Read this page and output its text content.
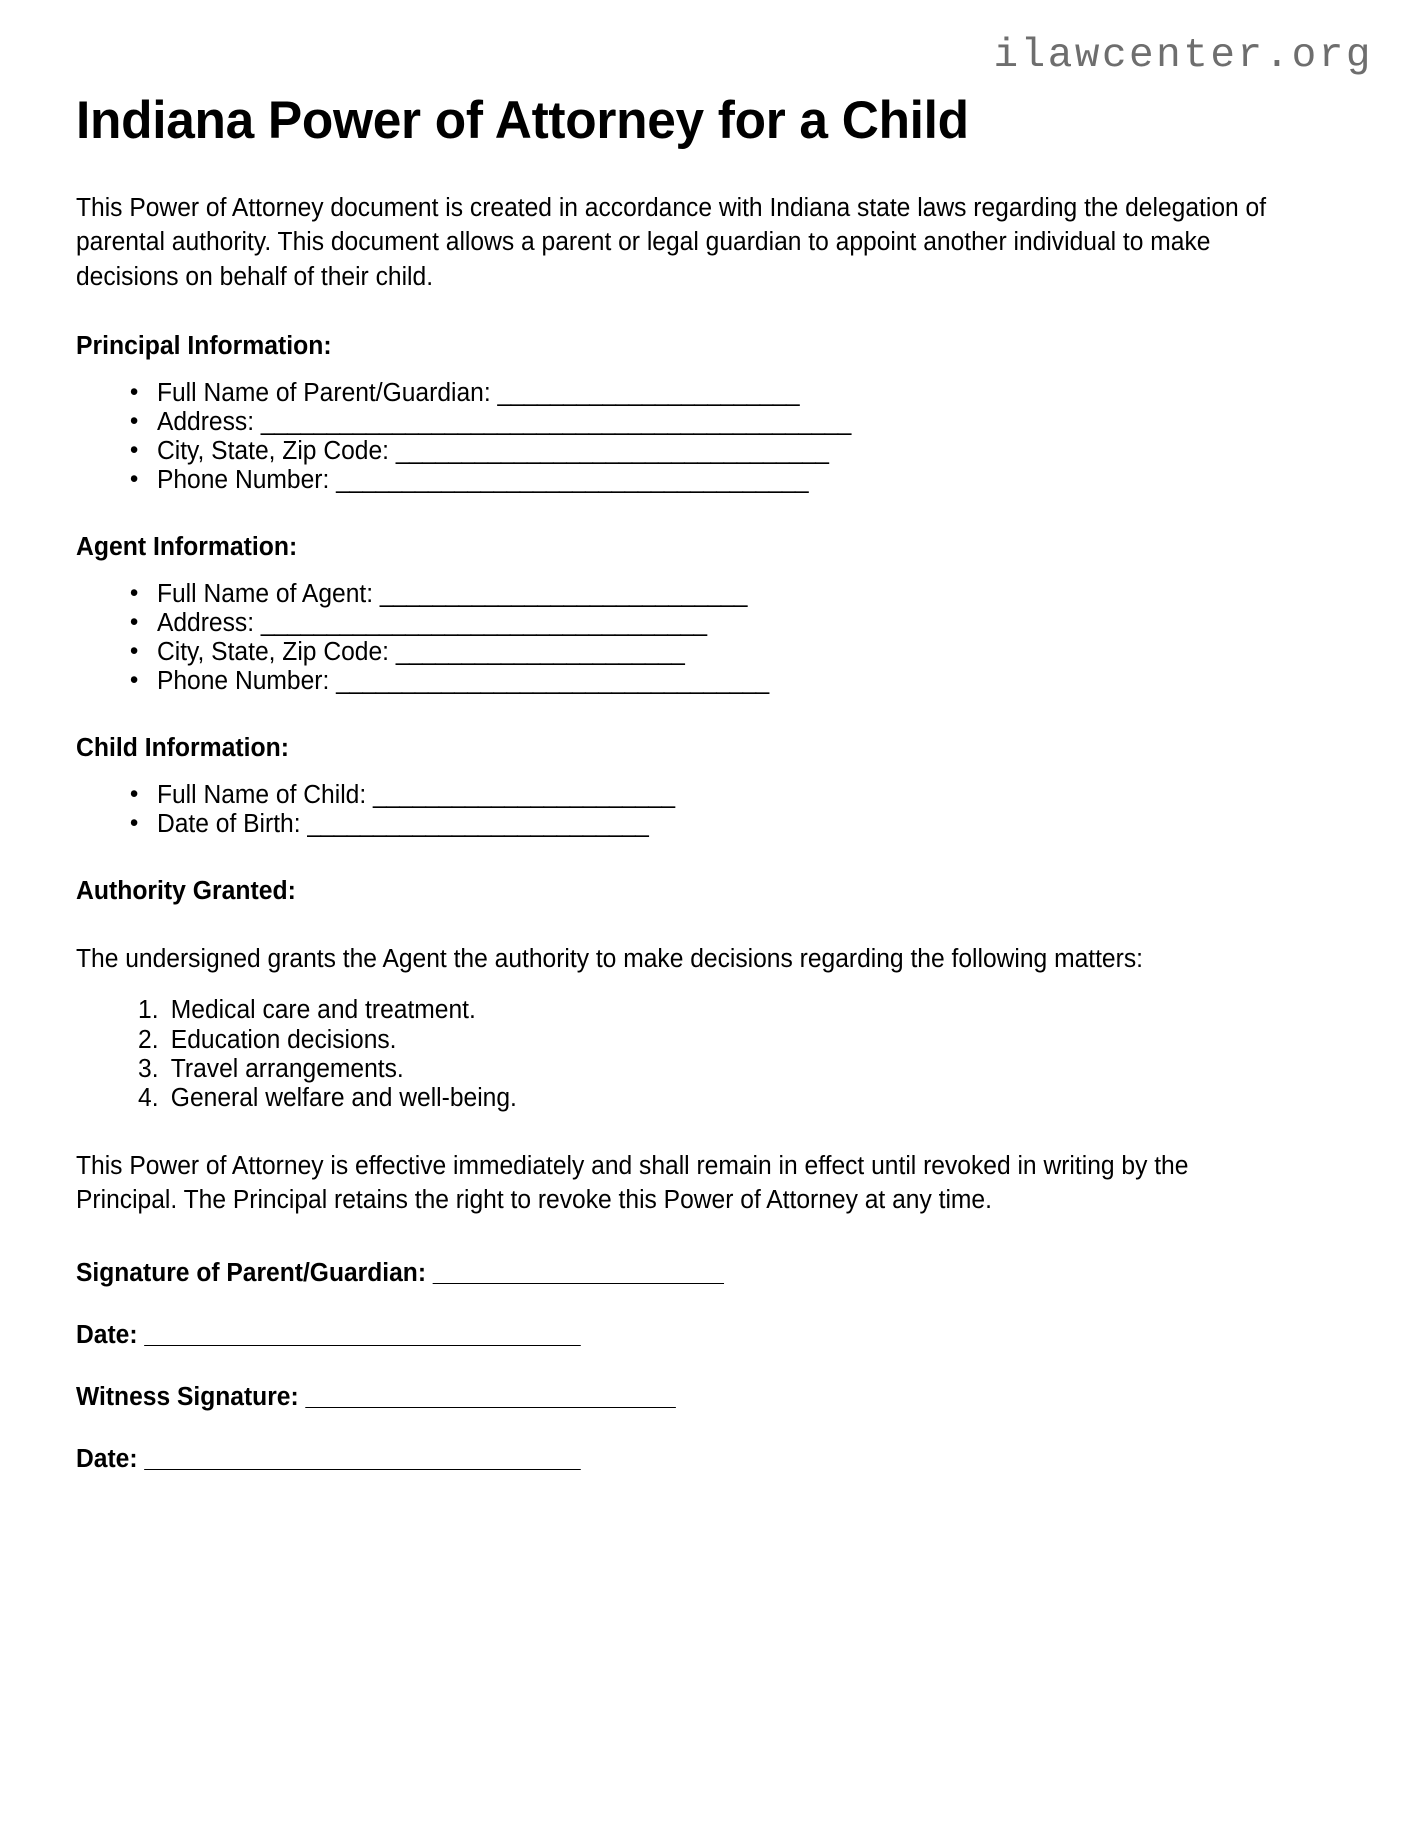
ilawcenter.org
Indiana Power of Attorney for a Child

This Power of Attorney document is created in accordance with Indiana state laws regarding the delegation of parental authority. This document allows a parent or legal guardian to appoint another individual to make decisions on behalf of their child.

Principal Information:
• Full Name of Parent/Guardian: _______________________
• Address: _____________________________________________
• City, State, Zip Code: _________________________________
• Phone Number: ____________________________________
Agent Information:
• Full Name of Agent: ____________________________
• Address: __________________________________
• City, State, Zip Code: ______________________
• Phone Number: _________________________________
Child Information:
• Full Name of Child: _______________________
• Date of Birth: __________________________
Authority Granted:

The undersigned grants the Agent the authority to make decisions regarding the following matters:

Medical care and treatment.
Education decisions.
Travel arrangements.
General welfare and well-being.

This Power of Attorney is effective immediately and shall remain in effect until revoked in writing by the Principal. The Principal retains the right to revoke this Power of Attorney at any time.

Signature of Parent/Guardian: ______________________
Date: _________________________________
Witness Signature: ____________________________
Date: _________________________________
